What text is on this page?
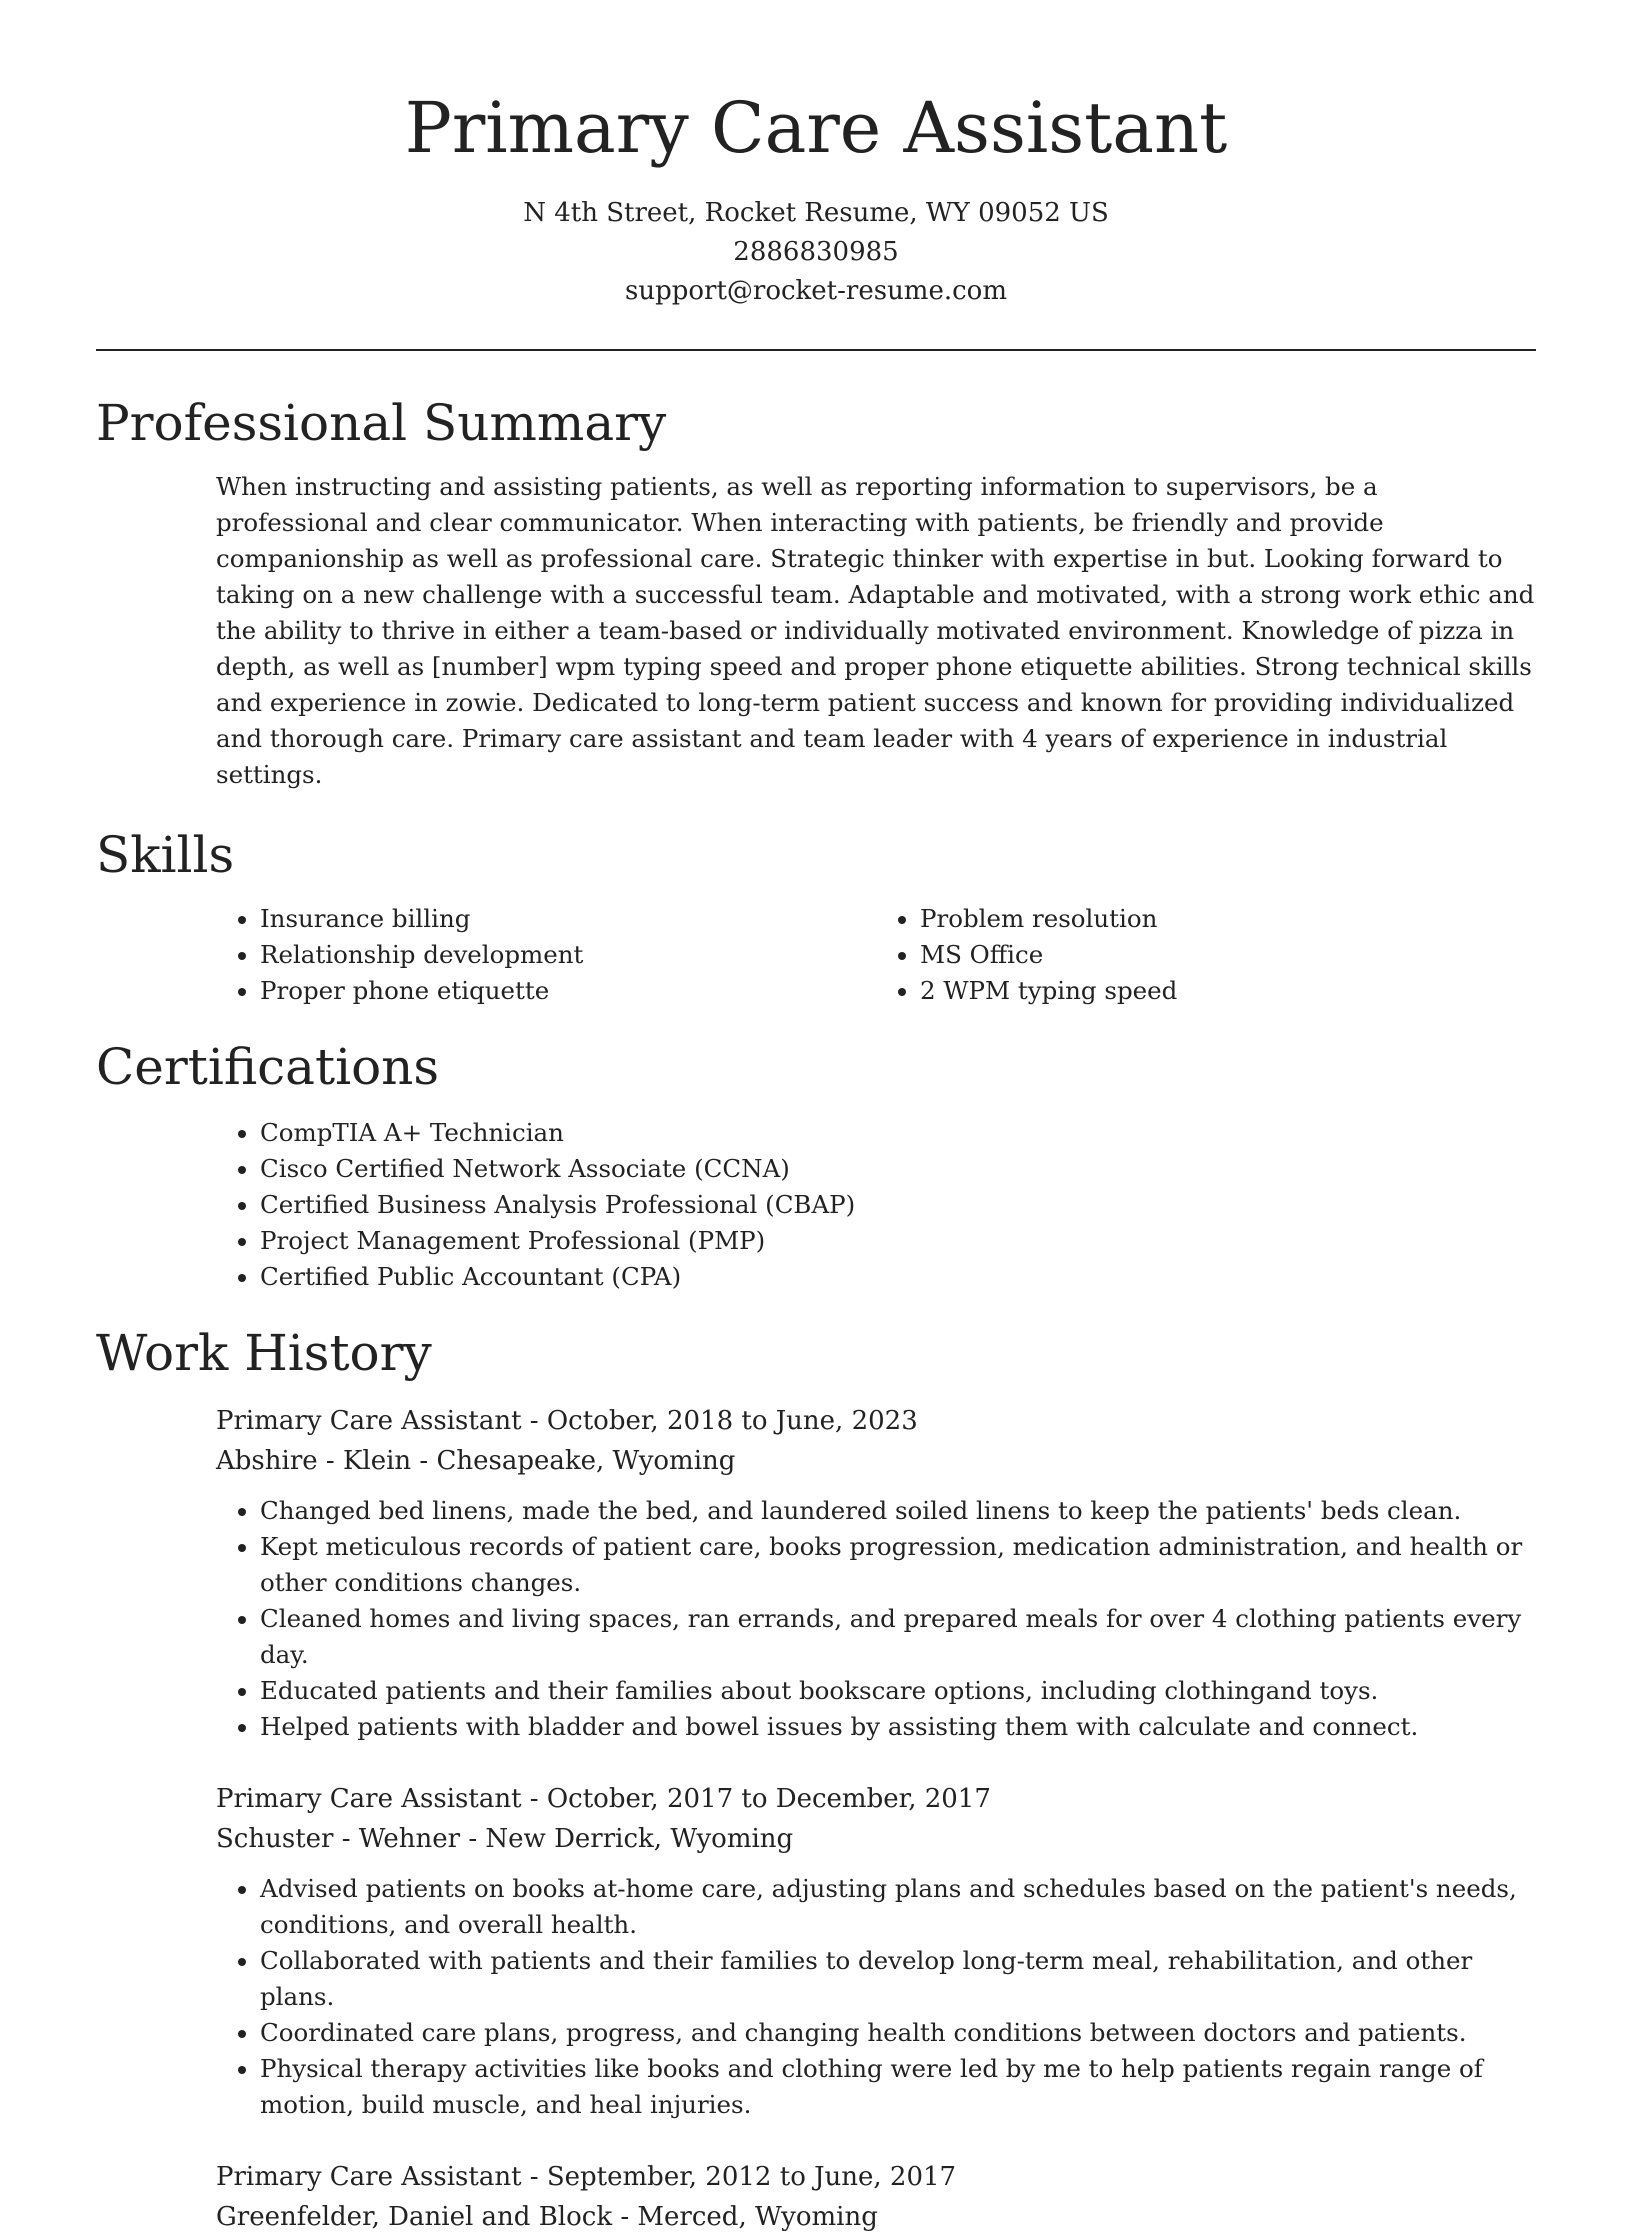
Primary Care Assistant
N 4th Street, Rocket Resume, WY 09052 US
2886830985
support@rocket-resume.com
Professional Summary
When instructing and assisting patients, as well as reporting information to supervisors, be a professional and clear communicator. When interacting with patients, be friendly and provide companionship as well as professional care. Strategic thinker with expertise in but. Looking forward to taking on a new challenge with a successful team. Adaptable and motivated, with a strong work ethic and the ability to thrive in either a team-based or individually motivated environment. Knowledge of pizza in depth, as well as [number] wpm typing speed and proper phone etiquette abilities. Strong technical skills and experience in zowie. Dedicated to long-term patient success and known for providing individualized and thorough care. Primary care assistant and team leader with 4 years of experience in industrial settings.
Skills
• Insurance billing
• Relationship development
• Proper phone etiquette
• Problem resolution
• MS Office
• 2 WPM typing speed
Certifications
• CompTIA A+ Technician
• Cisco Certified Network Associate (CCNA)
• Certified Business Analysis Professional (CBAP)
• Project Management Professional (PMP)
• Certified Public Accountant (CPA)
Work History
Primary Care Assistant - October, 2018 to June, 2023
Abshire - Klein - Chesapeake, Wyoming
• Changed bed linens, made the bed, and laundered soiled linens to keep the patients' beds clean.
• Kept meticulous records of patient care, books progression, medication administration, and health or other conditions changes.
• Cleaned homes and living spaces, ran errands, and prepared meals for over 4 clothing patients every day.
• Educated patients and their families about bookscare options, including clothingand toys.
• Helped patients with bladder and bowel issues by assisting them with calculate and connect.
Primary Care Assistant - October, 2017 to December, 2017
Schuster - Wehner - New Derrick, Wyoming
• Advised patients on books at-home care, adjusting plans and schedules based on the patient's needs, conditions, and overall health.
• Collaborated with patients and their families to develop long-term meal, rehabilitation, and other plans.
• Coordinated care plans, progress, and changing health conditions between doctors and patients.
• Physical therapy activities like books and clothing were led by me to help patients regain range of motion, build muscle, and heal injuries.
Primary Care Assistant - September, 2012 to June, 2017
Greenfelder, Daniel and Block - Merced, Wyoming
